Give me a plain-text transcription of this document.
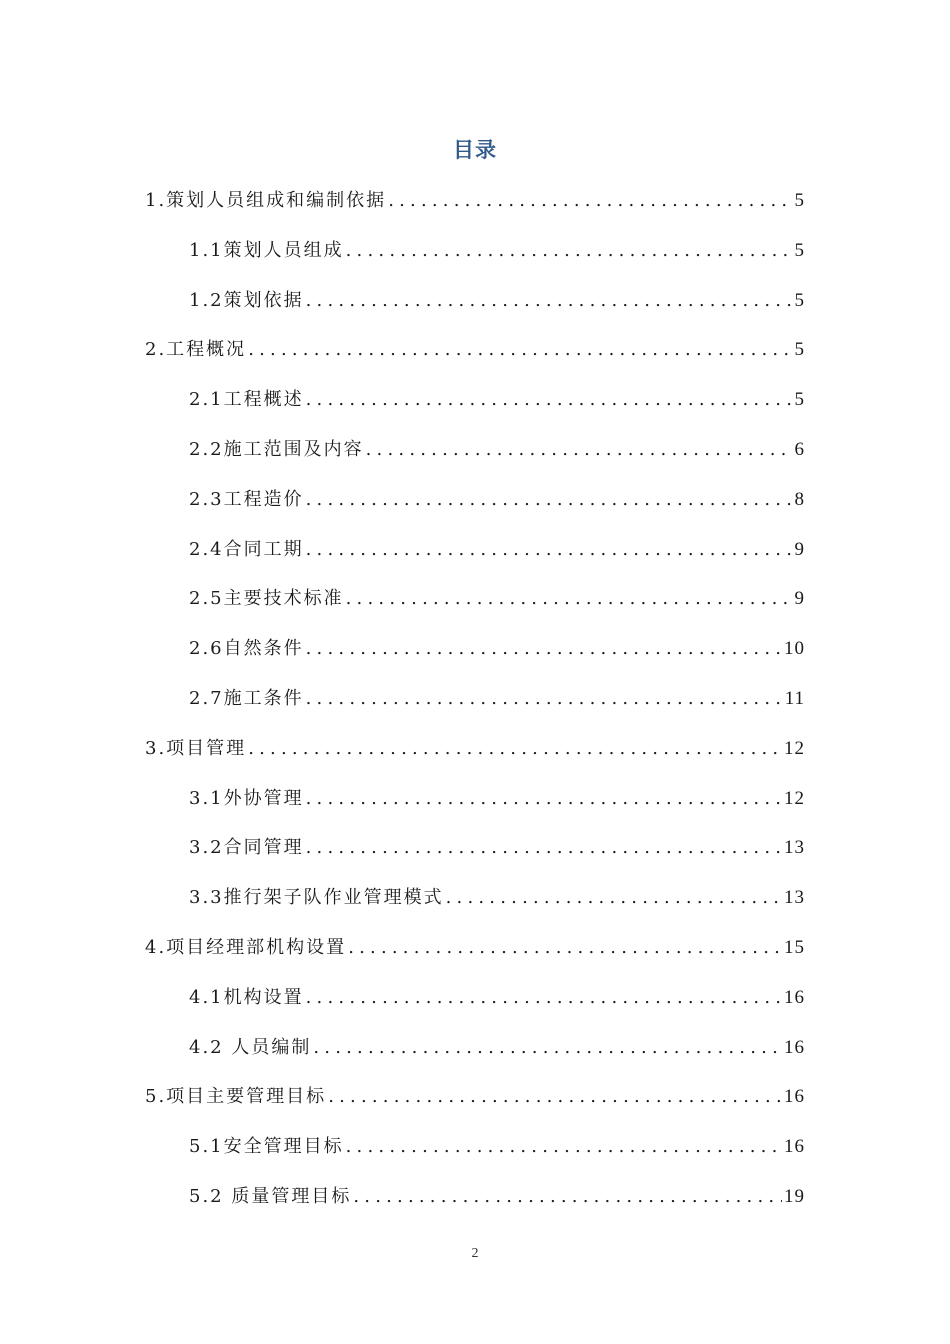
目录
1.策划人员组成和编制依据 .....	5
1.1策划人员组成 .....	5
1.2策划依据 .....	5
2.工程概况 .....	5
2.1工程概述 .....	5
2.2施工范围及内容 .....	6
2.3工程造价 .....	8
2.4合同工期 .....	9
2.5主要技术标准 .....	9
2.6自然条件 .....	10
2.7施工条件 .....	11
3.项目管理 .....	12
3.1外协管理 .....	12
3.2合同管理 .....	13
3.3推行架子队作业管理模式 .....	13
4.项目经理部机构设置 .....	15
4.1机构设置 .....	16
4.2 人员编制 .....	16
5.项目主要管理目标 .....	16
5.1安全管理目标 .....	16
5.2 质量管理目标 .....	19
2
